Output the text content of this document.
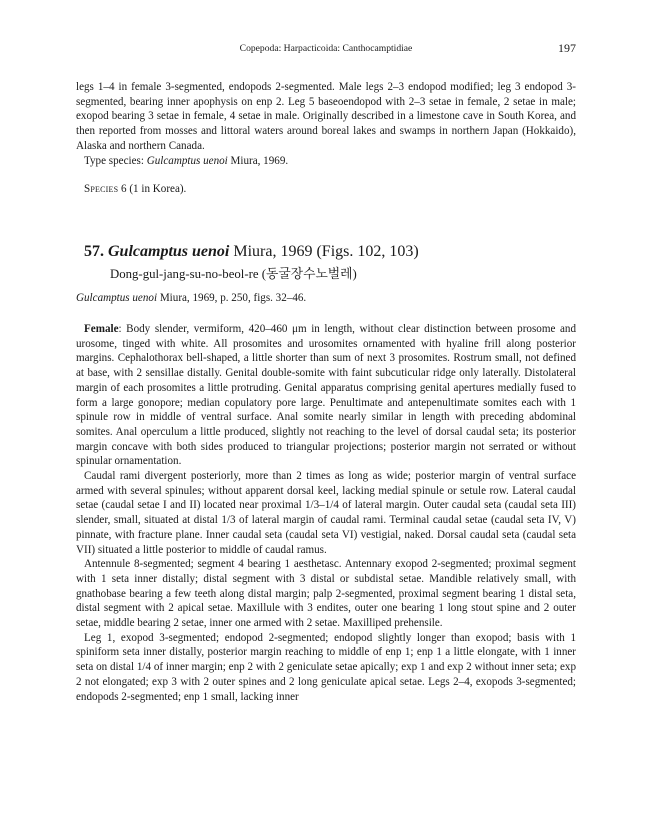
Copepoda: Harpacticoida: Canthocamptidiae	197

legs 1–4 in female 3-segmented, endopods 2-segmented. Male legs 2–3 endopod modified; leg 3 endopod 3-segmented, bearing inner apophysis on enp 2. Leg 5 baseoendopod with 2–3 setae in female, 2 setae in male; exopod bearing 3 setae in female, 4 setae in male. Originally described in a limestone cave in South Korea, and then reported from mosses and littoral waters around boreal lakes and swamps in northern Japan (Hokkaido), Alaska and northern Canada.

Type species: Gulcamptus uenoi Miura, 1969.

Species 6 (1 in Korea).
57. Gulcamptus uenoi Miura, 1969 (Figs. 102, 103)
Dong-gul-jang-su-no-beol-re (동굴장수노벌레)
Gulcamptus uenoi Miura, 1969, p. 250, figs. 32–46.

Female: Body slender, vermiform, 420–460 μm in length, without clear distinction between prosome and urosome, tinged with white. All prosomites and urosomites ornamented with hyaline frill along posterior margins. Cephalothorax bell-shaped, a little shorter than sum of next 3 prosomites. Rostrum small, not defined at base, with 2 sensillae distally. Genital double-somite with faint subcuticular ridge only laterally. Distolateral margin of each prosomites a little protruding. Genital apparatus comprising genital apertures medially fused to form a large gonopore; median copulatory pore large. Penultimate and antepenultimate somites each with 1 spinule row in middle of ventral surface. Anal somite nearly similar in length with preceding abdominal somites. Anal operculum a little produced, slightly not reaching to the level of dorsal caudal seta; its posterior margin concave with both sides produced to triangular projections; posterior margin not serrated or without spinular ornamentation.

Caudal rami divergent posteriorly, more than 2 times as long as wide; posterior margin of ventral surface armed with several spinules; without apparent dorsal keel, lacking medial spinule or setule row. Lateral caudal setae (caudal setae I and II) located near proximal 1/3–1/4 of lateral margin. Outer caudal seta (caudal seta III) slender, small, situated at distal 1/3 of lateral margin of caudal rami. Terminal caudal setae (caudal seta IV, V) pinnate, with fracture plane. Inner caudal seta (caudal seta VI) vestigial, naked. Dorsal caudal seta (caudal seta VII) situated a little posterior to middle of caudal ramus.

Antennule 8-segmented; segment 4 bearing 1 aesthetasc. Antennary exopod 2-segmented; proximal segment with 1 seta inner distally; distal segment with 3 distal or subdistal setae. Mandible relatively small, with gnathobase bearing a few teeth along distal margin; palp 2-segmented, proximal segment bearing 1 distal seta, distal segment with 2 apical setae. Maxillule with 3 endites, outer one bearing 1 long stout spine and 2 outer setae, middle bearing 2 setae, inner one armed with 2 setae. Maxilliped prehensile.

Leg 1, exopod 3-segmented; endopod 2-segmented; endopod slightly longer than exopod; basis with 1 spiniform seta inner distally, posterior margin reaching to middle of enp 1; enp 1 a little elongate, with 1 inner seta on distal 1/4 of inner margin; enp 2 with 2 geniculate setae apically; exp 1 and exp 2 without inner seta; exp 2 not elongated; exp 3 with 2 outer spines and 2 long geniculate apical setae. Legs 2–4, exopods 3-segmented; endopods 2-segmented; enp 1 small, lacking inner
